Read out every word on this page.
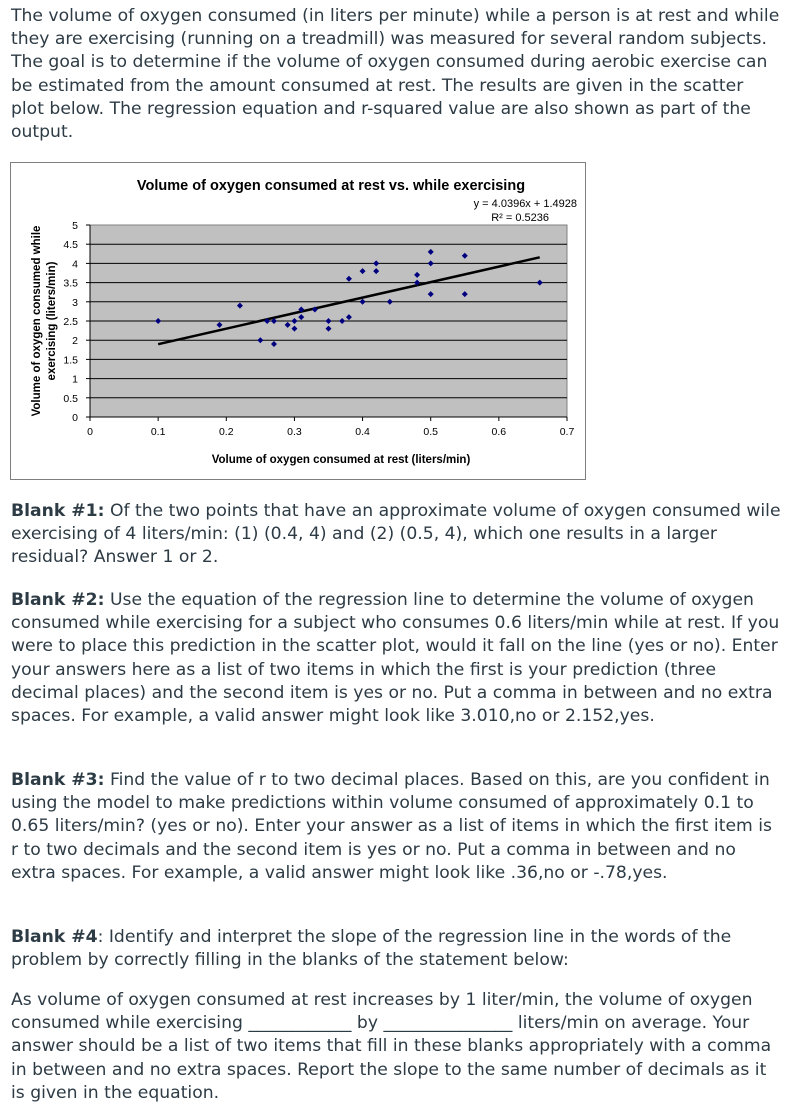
The volume of oxygen consumed (in liters per minute) while a person is at rest and while they are exercising (running on a treadmill) was measured for several random subjects. The goal is to determine if the volume of oxygen consumed during aerobic exercise can be estimated from the amount consumed at rest. The results are given in the scatter plot below. The regression equation and r-squared value are also shown as part of the output.

Volume of oxygen consumed at rest vs. while exercising
y = 4.0396x + 1.4928
R² = 0.5236
Volume of oxygen consumed at rest (liters/min)
Volume of oxygen consumed while exercising (liters/min)
0
0.5
1
1.5
2
2.5
3
3.5
4
4.5
5
0	0.1	0.2	0.3	0.4	0.5	0.6	0.7

Blank #1: Of the two points that have an approximate volume of oxygen consumed wile exercising of 4 liters/min: (1) (0.4, 4) and (2) (0.5, 4), which one results in a larger residual? Answer 1 or 2.

Blank #2: Use the equation of the regression line to determine the volume of oxygen consumed while exercising for a subject who consumes 0.6 liters/min while at rest. If you were to place this prediction in the scatter plot, would it fall on the line (yes or no). Enter your answers here as a list of two items in which the first is your prediction (three decimal places) and the second item is yes or no. Put a comma in between and no extra spaces. For example, a valid answer might look like 3.010,no or 2.152,yes.

Blank #3: Find the value of r to two decimal places. Based on this, are you confident in using the model to make predictions within volume consumed of approximately 0.1 to 0.65 liters/min? (yes or no). Enter your answer as a list of items in which the first item is r to two decimals and the second item is yes or no. Put a comma in between and no extra spaces. For example, a valid answer might look like .36,no or -.78,yes.

Blank #4: Identify and interpret the slope of the regression line in the words of the problem by correctly filling in the blanks of the statement below:

As volume of oxygen consumed at rest increases by 1 liter/min, the volume of oxygen consumed while exercising ____________ by _______________ liters/min on average. Your answer should be a list of two items that fill in these blanks appropriately with a comma in between and no extra spaces. Report the slope to the same number of decimals as it is given in the equation.
